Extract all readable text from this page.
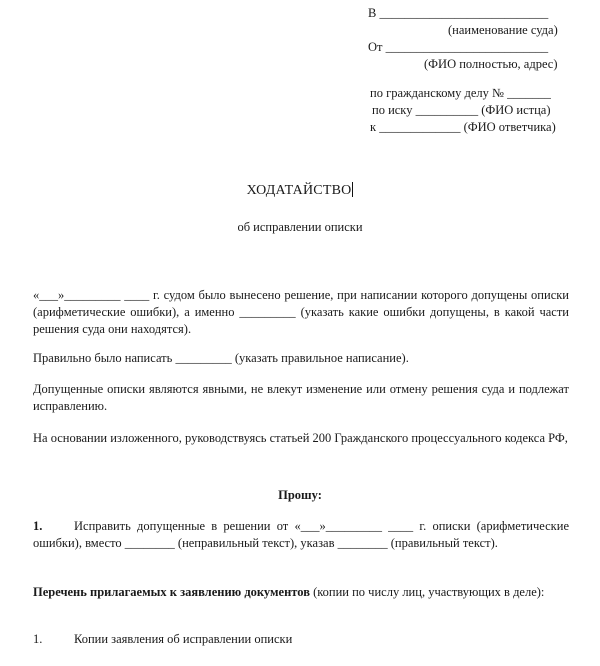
В ___________________________
(наименование суда)
От __________________________
(ФИО полностью, адрес)
по гражданскому делу № _______
по иску __________ (ФИО истца)
к _____________ (ФИО ответчика)
ХОДАТАЙСТВО
об исправлении описки
«___»_________ ____ г. судом было вынесено решение, при написании которого допущены описки (арифметические ошибки), а именно _________ (указать какие ошибки допущены, в какой части решения суда они находятся).
Правильно было написать _________ (указать правильное написание).
Допущенные описки являются явными, не влекут изменение или отмену решения суда и подлежат исправлению.
На основании изложенного, руководствуясь статьей 200 Гражданского процессуального кодекса РФ,
Прошу:
1.	Исправить допущенные в решении от «___»_________ ____ г. описки (арифметические ошибки), вместо ________ (неправильный текст), указав ________ (правильный текст).
Перечень прилагаемых к заявлению документов (копии по числу лиц, участвующих в деле):
1.	Копии заявления об исправлении описки
